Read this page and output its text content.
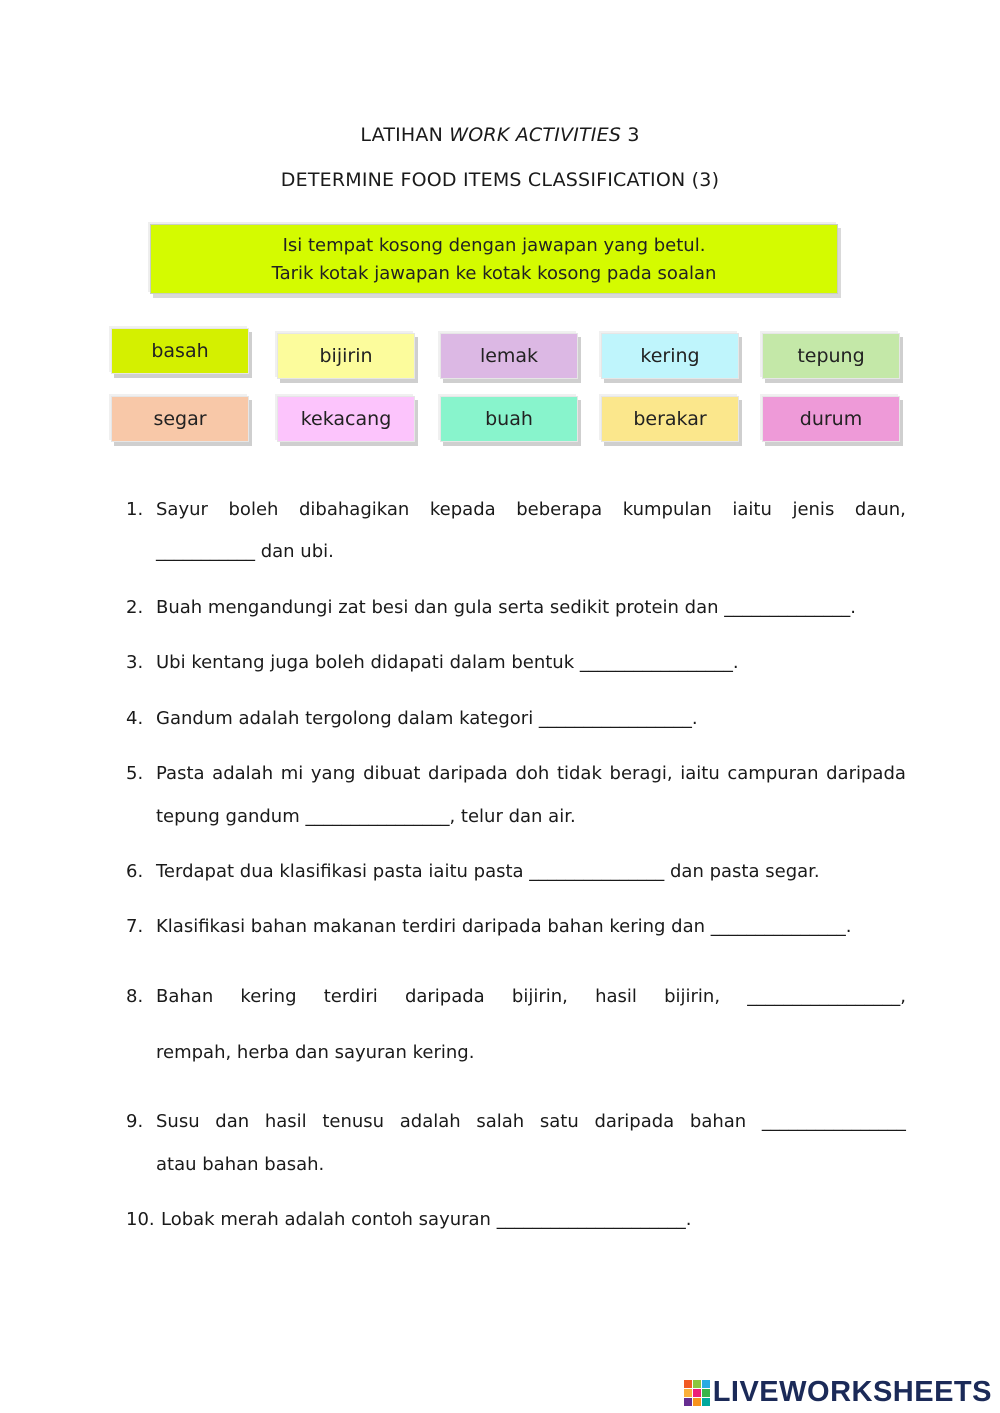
LATIHAN WORK ACTIVITIES 3
DETERMINE FOOD ITEMS CLASSIFICATION (3)
Isi tempat kosong dengan jawapan yang betul.
Tarik kotak jawapan ke kotak kosong pada soalan
basah	bijirin	lemak	kering	tepung
segar	kekacang	buah	berakar	durum
1. Sayur boleh dibahagikan kepada beberapa kumpulan iaitu jenis daun,
___________ dan ubi.
2. Buah mengandungi zat besi dan gula serta sedikit protein dan ______________.
3. Ubi kentang juga boleh didapati dalam bentuk _________________.
4. Gandum adalah tergolong dalam kategori _________________.
5. Pasta adalah mi yang dibuat daripada doh tidak beragi, iaitu campuran daripada
tepung gandum ________________, telur dan air.
6. Terdapat dua klasifikasi pasta iaitu pasta _______________ dan pasta segar.
7. Klasifikasi bahan makanan terdiri daripada bahan kering dan _______________.
8. Bahan kering terdiri daripada bijirin, hasil bijirin, _________________,
rempah, herba dan sayuran kering.
9. Susu dan hasil tenusu adalah salah satu daripada bahan ________________
atau bahan basah.
10. Lobak merah adalah contoh sayuran _____________________.
LIVEWORKSHEETS
